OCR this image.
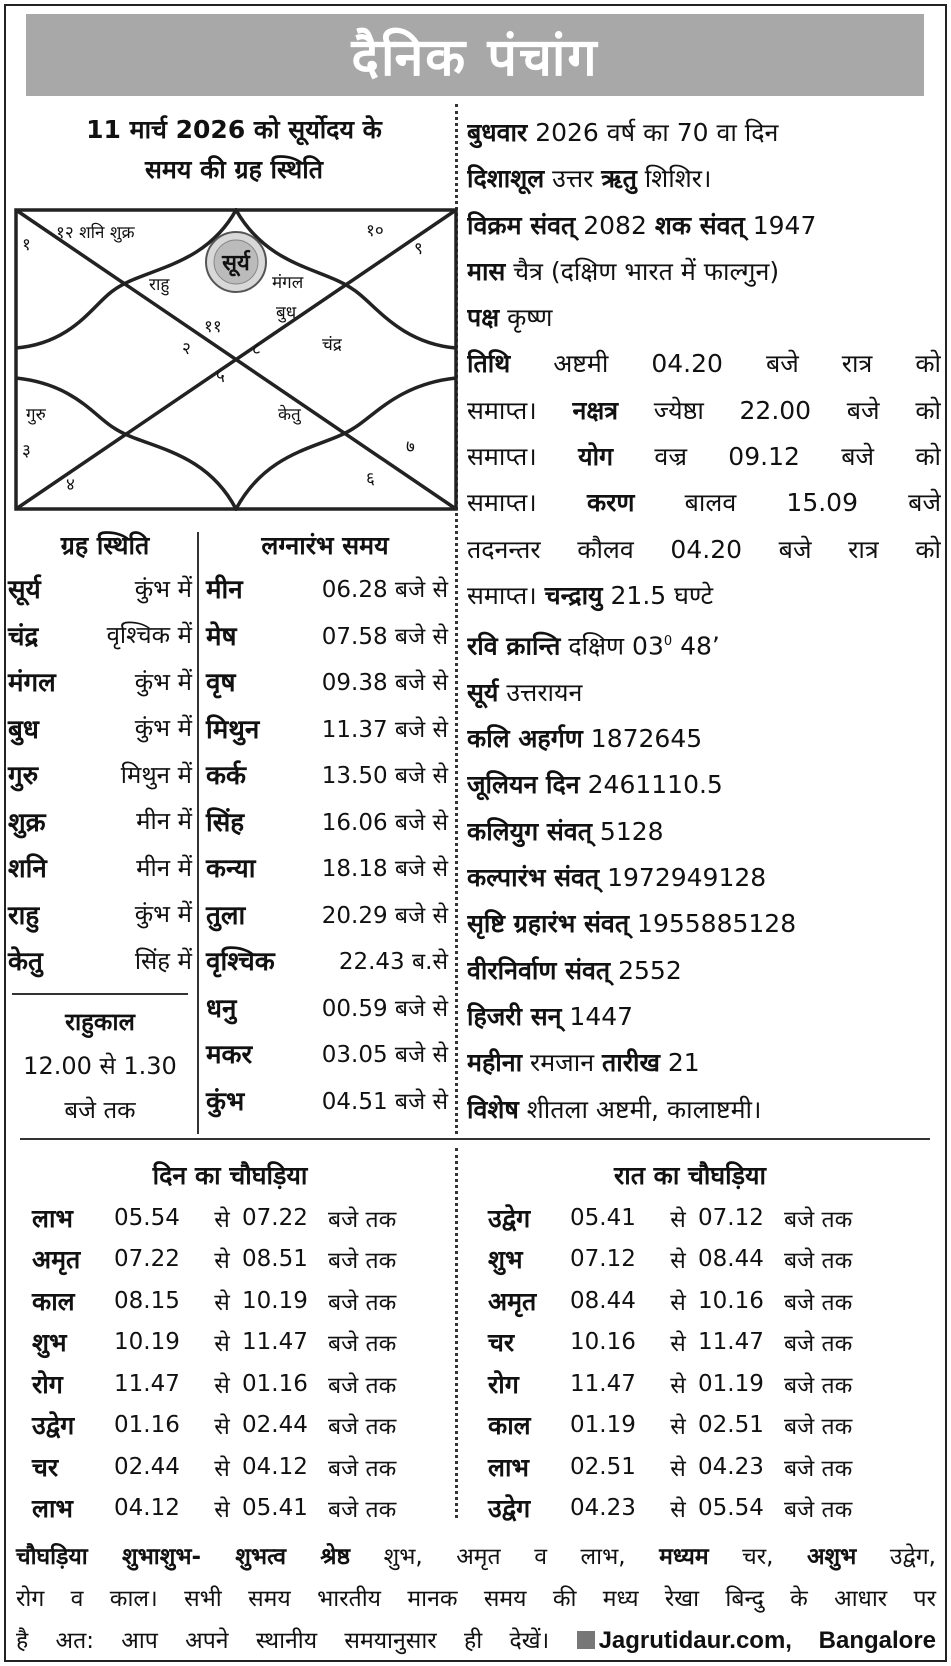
दैनिक पंचांग
11 मार्च 2026 को सूर्योदय के
समय की ग्रह स्थिति
सूर्य
१२ शनि शुक्र
राहु	मंगल
बुध
चंद्र
गुरु	केतु
१
२
३
४
५
६
७
८
९
१०
११
बुधवार 2026 वर्ष का 70 वा दिन
दिशाशूल उत्तर ऋतु शिशिर।
विक्रम संवत् 2082 शक संवत् 1947
मास चैत्र (दक्षिण भारत में फाल्गुन)
पक्ष कृष्ण
तिथि अष्टमी 04.20 बजे रात्र को
समाप्त। नक्षत्र ज्येष्ठा 22.00 बजे को
समाप्त। योग वज्र 09.12 बजे को
समाप्त। करण बालव 15.09 बजे
तदनन्तर कौलव 04.20 बजे रात्र को
समाप्त। चन्द्रायु 21.5 घण्टे
रवि क्रान्ति दक्षिण $03^0$ 48’
सूर्य उत्तरायन
कलि अहर्गण 1872645
जूलियन दिन 2461110.5
कलियुग संवत् 5128
कल्पारंभ संवत् 1972949128
सृष्टि ग्रहारंभ संवत् 1955885128
वीरनिर्वाण संवत् 2552
हिजरी सन् 1447
महीना रमजान तारीख 21
विशेष शीतला अष्टमी, कालाष्टमी।
ग्रह स्थिति	लग्नारंभ समय
सूर्य	कुंभ में
चंद्र	वृश्चिक में
मंगल	कुंभ में
बुध	कुंभ में
गुरु	मिथुन में
शुक्र	मीन में
शनि	मीन में
राहु	कुंभ में
केतु	सिंह में
मीन	06.28 बजे से
मेष	07.58 बजे से
वृष	09.38 बजे से
मिथुन	11.37 बजे से
कर्क	13.50 बजे से
सिंह	16.06 बजे से
कन्या	18.18 बजे से
तुला	20.29 बजे से
वृश्चिक	22.43 ब.से
धनु	00.59 बजे से
मकर	03.05 बजे से
कुंभ	04.51 बजे से
राहुकाल
12.00 से 1.30
बजे तक
दिन का चौघड़िया	रात का चौघड़िया
लाभ	05.54	से 07.22 बजे तक
अमृत	07.22	से 08.51 बजे तक
काल	08.15	से 10.19 बजे तक
शुभ	10.19	से 11.47 बजे तक
रोग	11.47	से 01.16 बजे तक
उद्वेग	01.16	से 02.44 बजे तक
चर	02.44	से 04.12 बजे तक
लाभ	04.12	से 05.41 बजे तक
उद्वेग	05.41	से 07.12 बजे तक
शुभ	07.12	से 08.44 बजे तक
अमृत	08.44	से 10.16 बजे तक
चर	10.16	से 11.47 बजे तक
रोग	11.47	से 01.19 बजे तक
काल	01.19	से 02.51 बजे तक
लाभ	02.51	से 04.23 बजे तक
उद्वेग	04.23	से 05.54 बजे तक
चौघड़िया शुभाशुभ- शुभत्व श्रेष्ठ शुभ, अमृत व लाभ, मध्यम चर, अशुभ उद्वेग,
रोग व काल। सभी समय भारतीय मानक समय की मध्य रेखा बिन्दु के आधार पर
है अत: आप अपने स्थानीय समयानुसार ही देखें। Jagrutidaur.com, Bangalore
